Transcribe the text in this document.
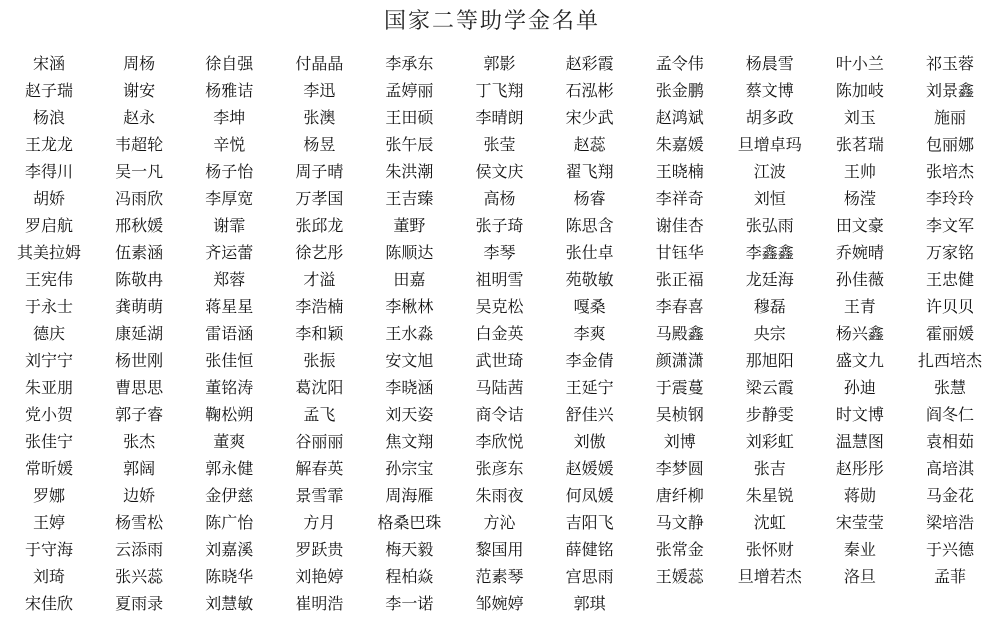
国家二等助学金名单
宋涵	周杨	徐自强	付晶晶	李承东	郭影	赵彩霞	孟令伟	杨晨雪	叶小兰	祁玉蓉
赵子瑞	谢安	杨雅诘	李迅	孟婷丽	丁飞翔	石泓彬	张金鹏	蔡文博	陈加岐	刘景鑫
杨浪	赵永	李坤	张澳	王田硕	李晴朗	宋少武	赵鸿斌	胡多政	刘玉	施丽
王龙龙	韦超轮	辛悦	杨昱	张午辰	张莹	赵蕊	朱嘉媛	旦增卓玛	张茗瑞	包丽娜
李得川	吴一凡	杨子怡	周子晴	朱洪潮	侯文庆	翟飞翔	王晓楠	江波	王帅	张培杰
胡娇	冯雨欣	李厚宽	万孝国	王吉臻	高杨	杨睿	李祥奇	刘恒	杨滢	李玲玲
罗启航	邢秋媛	谢霏	张邱龙	董野	张子琦	陈思含	谢佳杏	张弘雨	田文豪	李文军
其美拉姆	伍素涵	齐运蕾	徐艺彤	陈顺达	李琴	张仕卓	甘钰华	李鑫鑫	乔婉晴	万家铭
王宪伟	陈敬冉	郑蓉	才溢	田嘉	祖明雪	苑敬敏	张正福	龙廷海	孙佳薇	王忠健
于永士	龚萌萌	蒋星星	李浩楠	李楸林	吴克松	嘎桑	李春喜	穆磊	王青	许贝贝
德庆	康延湖	雷语涵	李和颖	王水淼	白金英	李爽	马殿鑫	央宗	杨兴鑫	霍丽媛
刘宁宁	杨世刚	张佳恒	张振	安文旭	武世琦	李金倩	颜潇潇	那旭阳	盛文九	扎西培杰
朱亚朋	曹思思	董铭涛	葛沈阳	李晓涵	马陆茜	王延宁	于震蔓	梁云霞	孙迪	张慧
党小贺	郭子睿	鞠松朔	孟飞	刘天姿	商令诘	舒佳兴	吴桢钢	步静雯	时文博	阎冬仁
张佳宁	张杰	董爽	谷丽丽	焦文翔	李欣悦	刘傲	刘博	刘彩虹	温慧图	袁相茹
常昕媛	郭阔	郭永健	解春英	孙宗宝	张彦东	赵媛媛	李梦圆	张吉	赵彤彤	高培淇
罗娜	边娇	金伊慈	景雪霏	周海雁	朱雨夜	何凤媛	唐纤柳	朱星锐	蒋勋	马金花
王婷	杨雪松	陈广怡	方月	格桑巴珠	方沁	吉阳飞	马文静	沈虹	宋莹莹	梁培浩
于守海	云添雨	刘嘉溪	罗跃贵	梅天毅	黎国用	薛健铭	张常金	张怀财	秦业	于兴德
刘琦	张兴蕊	陈晓华	刘艳婷	程柏焱	范素琴	宫思雨	王媛蕊	旦增若杰	洛旦	孟菲
宋佳欣	夏雨录	刘慧敏	崔明浩	李一诺	邹婉婷	郭琪
